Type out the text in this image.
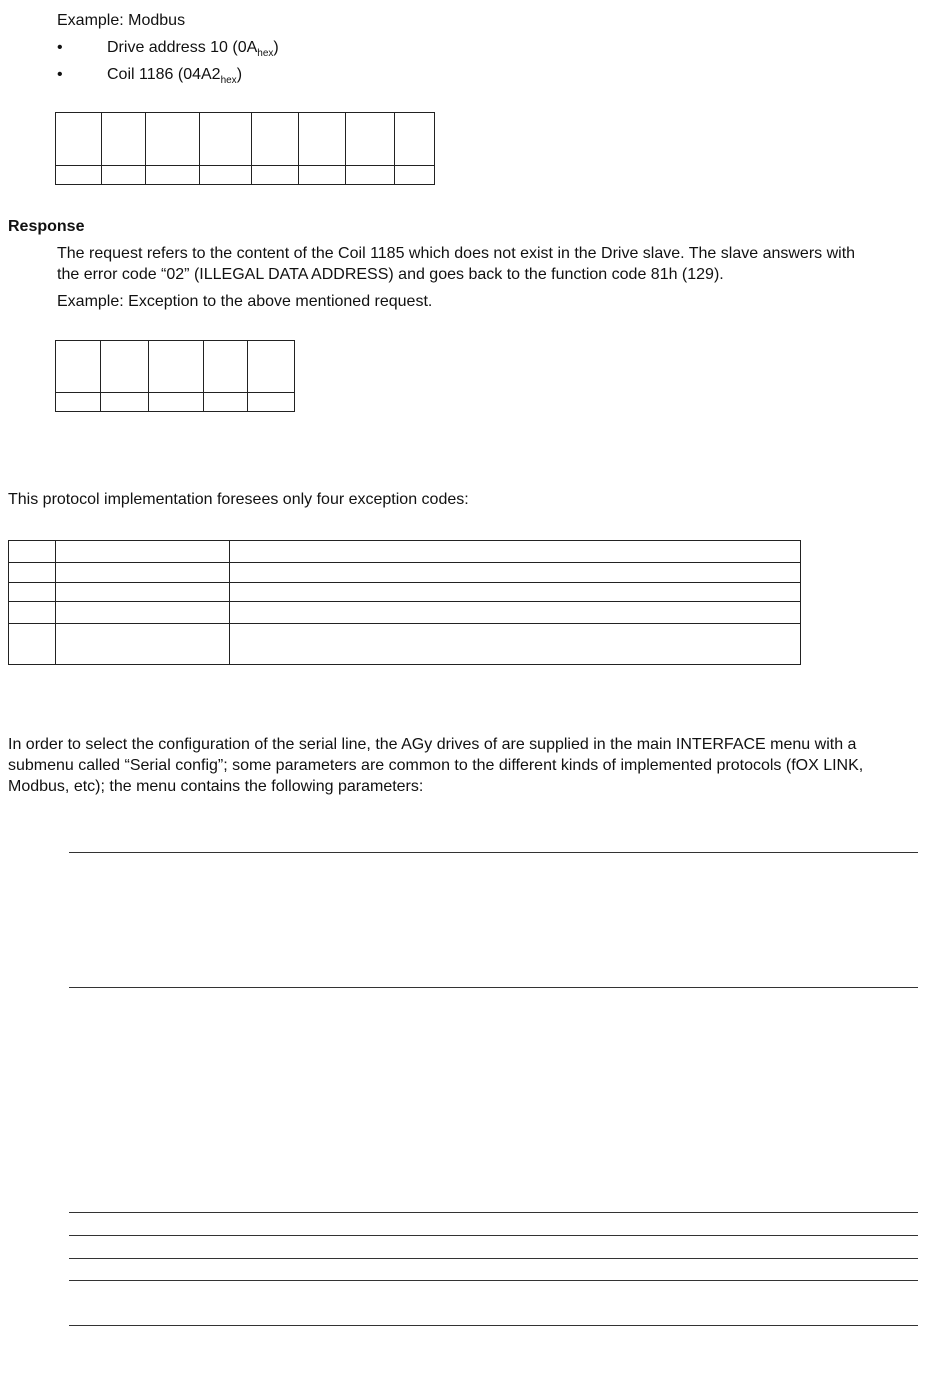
Example: Modbus
•	Drive address 10 $(0A_{hex})$
•	Coil 1186 $(04A2_{hex})$

Response
The request refers to the content of the Coil 1185 which does not exist in the Drive slave. The slave answers with
the error code “02” (ILLEGAL DATA ADDRESS) and goes back to the function code 81h (129).
Example: Exception to the above mentioned request.

This protocol implementation foresees only four exception codes:

In order to select the configuration of the serial line, the AGy drives of are supplied in the main INTERFACE menu with a
submenu called “Serial config”; some parameters are common to the different kinds of implemented protocols (fOX LINK,
Modbus, etc); the menu contains the following parameters:
